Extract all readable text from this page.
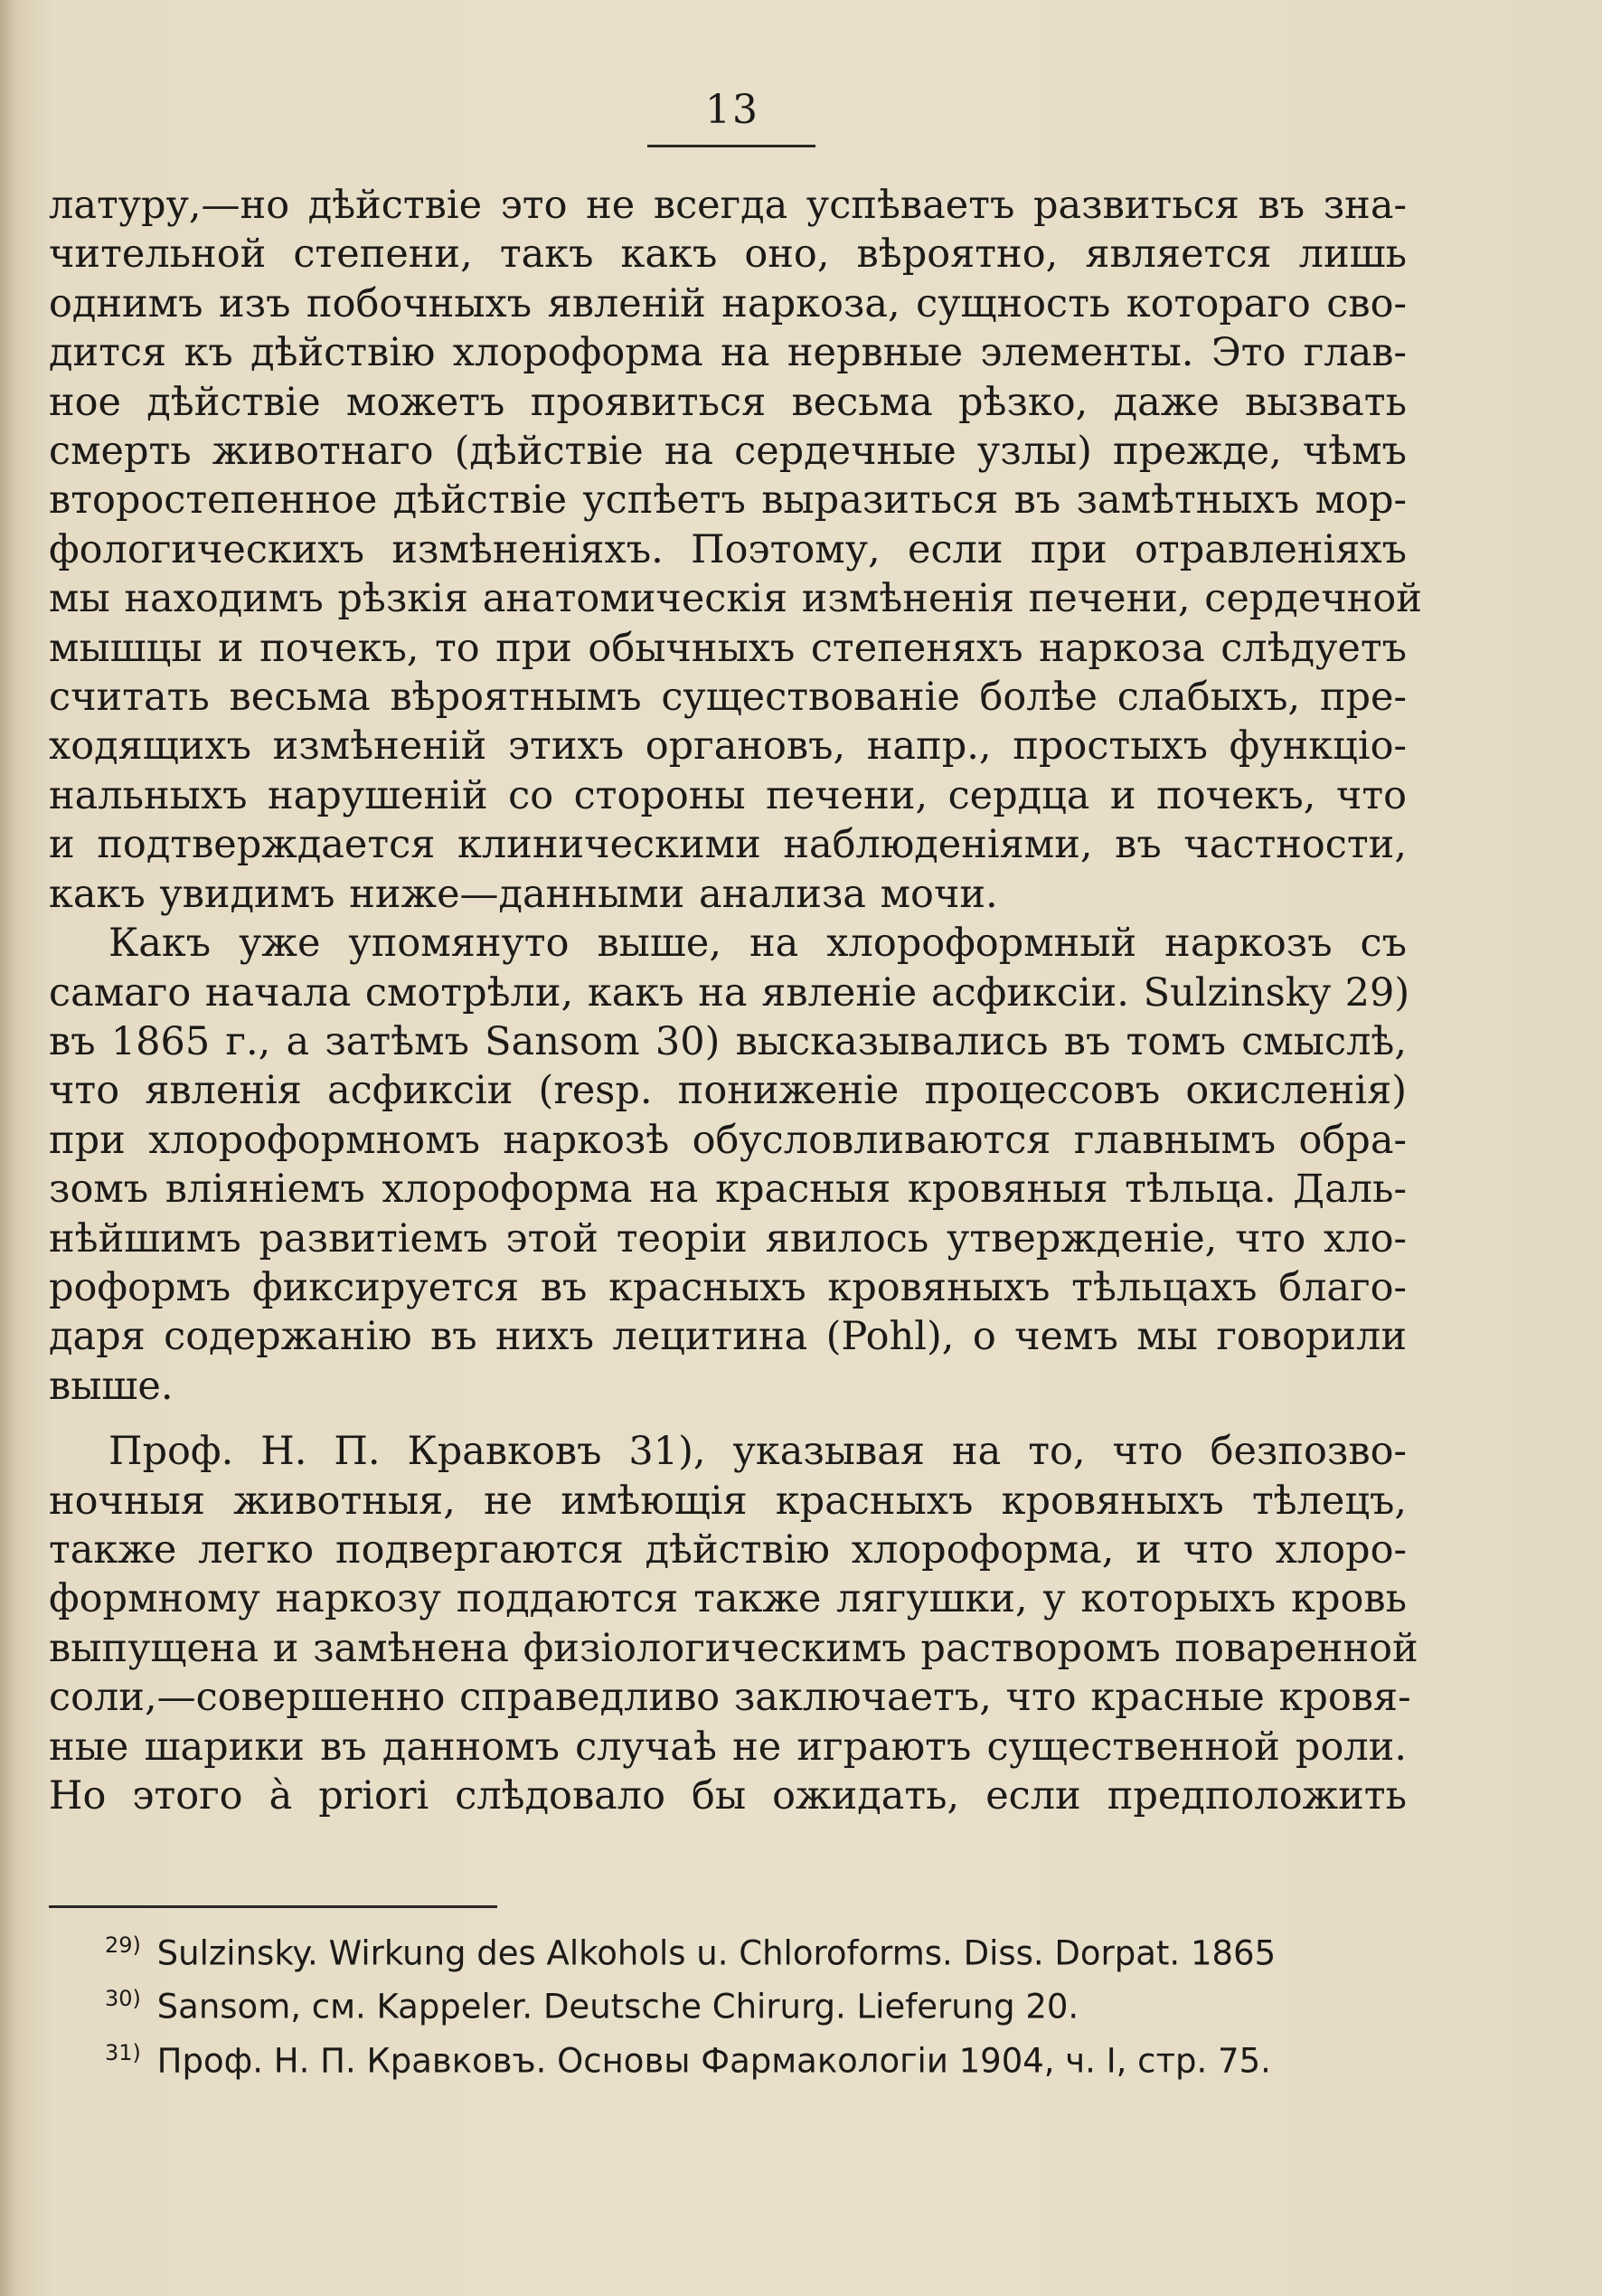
13
латуру,—но дѣйствіе это не всегда успѣваетъ развиться въ зна-
чительной степени, такъ какъ оно, вѣроятно, является лишь
однимъ изъ побочныхъ явленій наркоза, сущность котораго сво-
дится къ дѣйствію хлороформа на нервные элементы. Это глав-
ное дѣйствіе можетъ проявиться весьма рѣзко, даже вызвать
смерть животнаго (дѣйствіе на сердечные узлы) прежде, чѣмъ
второстепенное дѣйствіе успѣетъ выразиться въ замѣтныхъ мор-
фологическихъ измѣненіяхъ. Поэтому, если при отравленіяхъ
мы находимъ рѣзкія анатомическія измѣненія печени, сердечной
мышцы и почекъ, то при обычныхъ степеняхъ наркоза слѣдуетъ
считать весьма вѣроятнымъ существованіе болѣе слабыхъ, пре-
ходящихъ измѣненій этихъ органовъ, напр., простыхъ функціо-
нальныхъ нарушеній со стороны печени, сердца и почекъ, что
и подтверждается клиническими наблюденіями, въ частности,
какъ увидимъ ниже—данными анализа мочи.
Какъ уже упомянуто выше, на хлороформный наркозъ съ
самаго начала смотрѣли, какъ на явленіе асфиксіи. Sulzinsky 29)
въ 1865 г., а затѣмъ Sansom 30) высказывались въ томъ смыслѣ,
что явленія асфиксіи (resp. пониженіе процессовъ окисленія)
при хлороформномъ наркозѣ обусловливаются главнымъ обра-
зомъ вліяніемъ хлороформа на красныя кровяныя тѣльца. Даль-
нѣйшимъ развитіемъ этой теоріи явилось утвержденіе, что хло-
роформъ фиксируется въ красныхъ кровяныхъ тѣльцахъ благо-
даря содержанію въ нихъ лецитина (Pohl), о чемъ мы говорили
выше.
Проф. Н. П. Кравковъ 31), указывая на то, что безпозво-
ночныя животныя, не имѣющія красныхъ кровяныхъ тѣлецъ,
также легко подвергаются дѣйствію хлороформа, и что хлоро-
формному наркозу поддаются также лягушки, у которыхъ кровь
выпущена и замѣнена физіологическимъ растворомъ поваренной
соли,—совершенно справедливо заключаетъ, что красные кровя-
ные шарики въ данномъ случаѣ не играютъ существенной роли.
Но этого à priori слѣдовало бы ожидать, если предположить
$^{29)}$ Sulzinsky. Wirkung des Alkohols u. Chloroforms. Diss. Dorpat. 1865
$^{30)}$ Sansom, см. Kappeler. Deutsche Chirurg. Lieferung 20.
$^{31)}$ Проф. Н. П. Кравковъ. Основы Фармакологіи 1904, ч. I, стр. 75.
